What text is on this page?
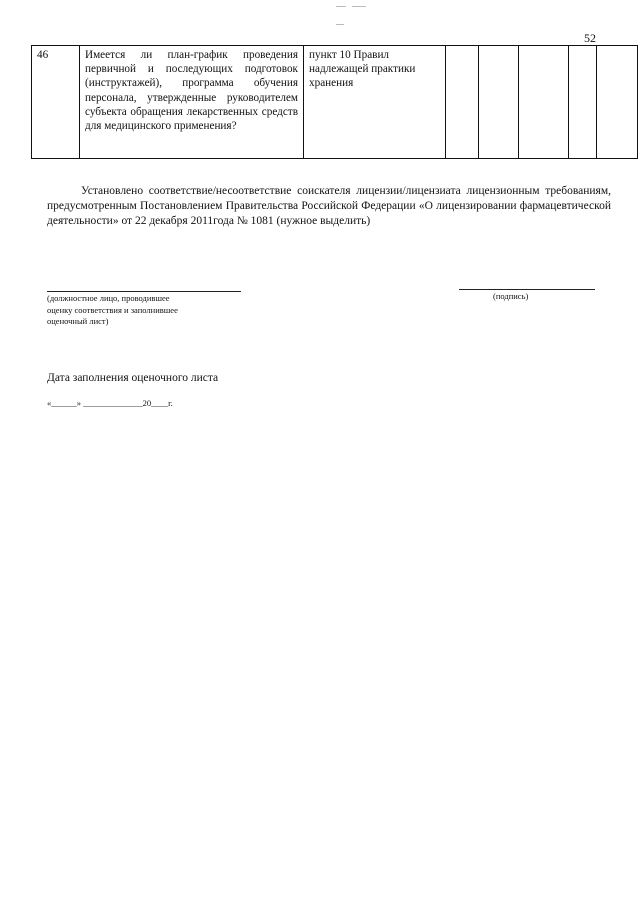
52
46	Имеется ли план-график проведения первичной и последующих подготовок (инструктажей), программа обучения персонала, утвержденные руководителем субъекта обращения лекарственных средств для медицинского применения?	пункт 10 Правил надлежащей практики хранения					
Установлено соответствие/несоответствие соискателя лицензии/лицензиата лицензионным требованиям, предусмотренным Постановлением Правительства Российской Федерации «О лицензировании фармацевтической деятельности» от 22 декабря 2011года № 1081 (нужное выделить)
(должностное лицо, проводившее
оценку соответствия и заполнившее
оценочный лист)
(подпись)
Дата заполнения оценочного листа
«______» ______________20____г.
